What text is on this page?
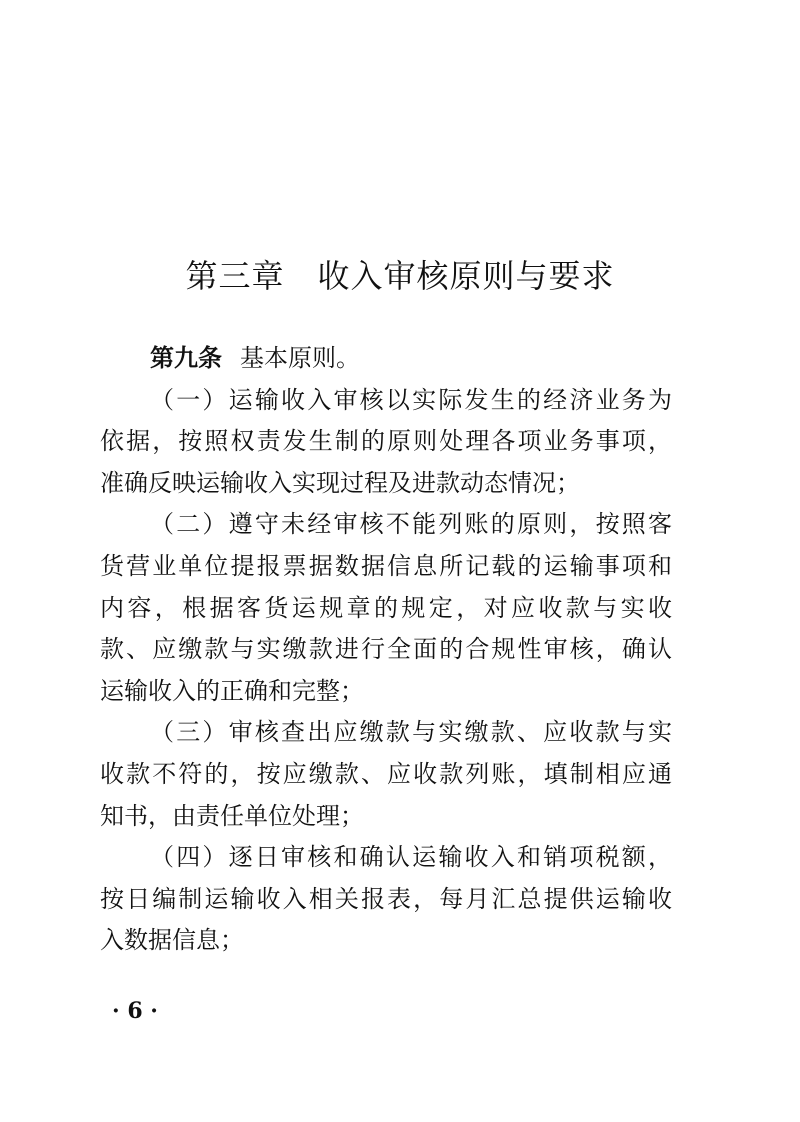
第三章　收入审核原则与要求
第九条 基本原则。
（一）运输收入审核以实际发生的经济业务为
依据，按照权责发生制的原则处理各项业务事项，
准确反映运输收入实现过程及进款动态情况；
（二）遵守未经审核不能列账的原则，按照客
货营业单位提报票据数据信息所记载的运输事项和
内容，根据客货运规章的规定，对应收款与实收
款、应缴款与实缴款进行全面的合规性审核，确认
运输收入的正确和完整；
（三）审核查出应缴款与实缴款、应收款与实
收款不符的，按应缴款、应收款列账，填制相应通
知书，由责任单位处理；
（四）逐日审核和确认运输收入和销项税额，
按日编制运输收入相关报表，每月汇总提供运输收
入数据信息；
· 6 ·
